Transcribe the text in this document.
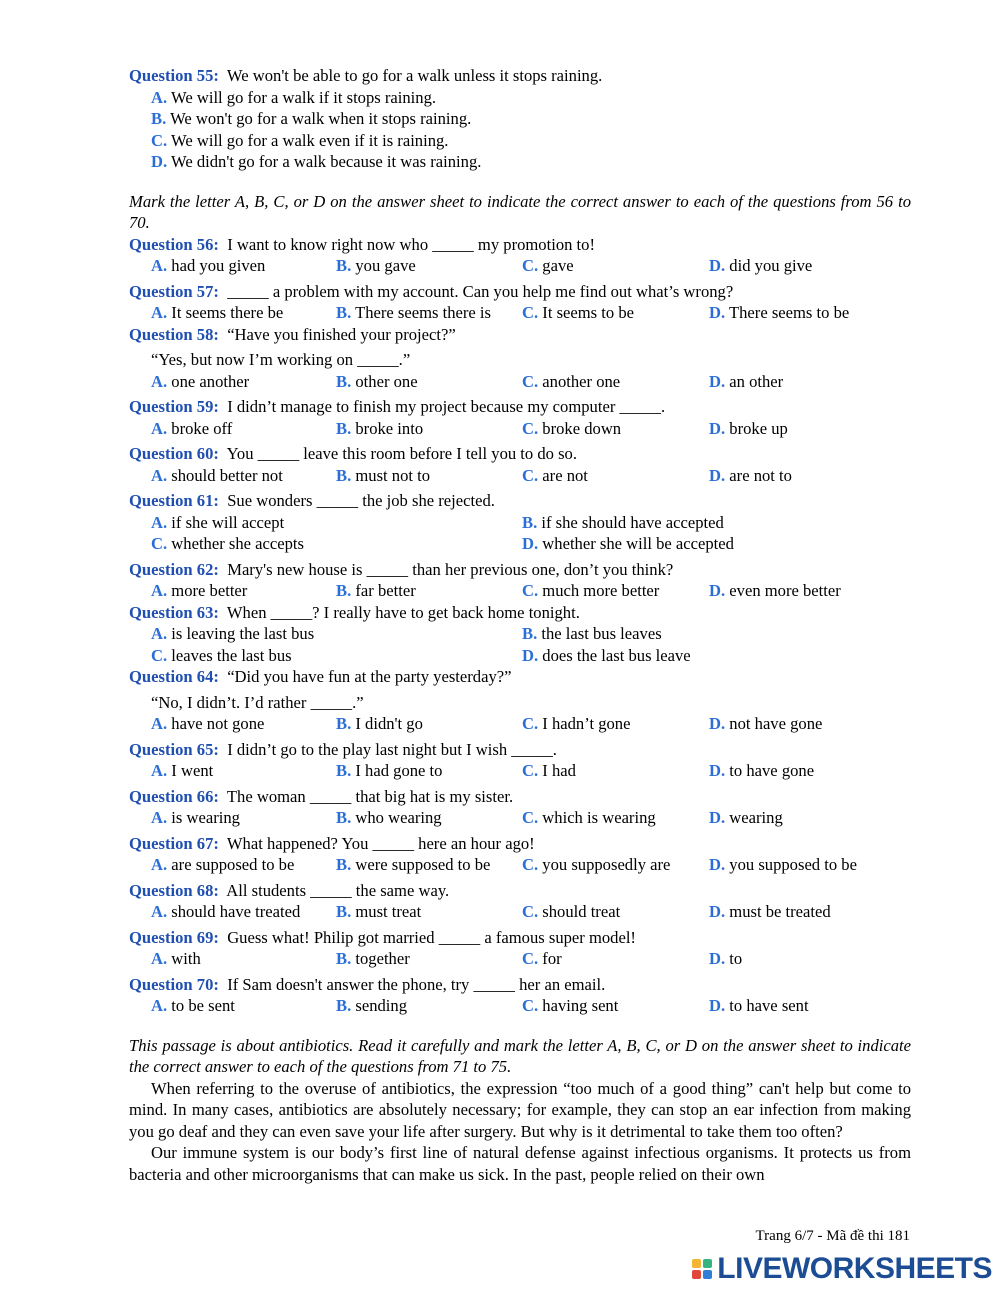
Question 55: We won't be able to go for a walk unless it stops raining.
A. We will go for a walk if it stops raining.
B. We won't go for a walk when it stops raining.
C. We will go for a walk even if it is raining.
D. We didn't go for a walk because it was raining.
Mark the letter A, B, C, or D on the answer sheet to indicate the correct answer to each of the questions from 56 to 70.
Question 56: I want to know right now who _____ my promotion to!
A. had you given	B. you gave	C. gave	D. did you give
Question 57: _____ a problem with my account. Can you help me find out what’s wrong?
A. It seems there be	B. There seems there is C. It seems to be	D. There seems to be
Question 58: “Have you finished your project?”
“Yes, but now I’m working on _____.”
A. one another	B. other one	C. another one	D. an other
Question 59: I didn’t manage to finish my project because my computer _____.
A. broke off	B. broke into	C. broke down	D. broke up
Question 60: You _____ leave this room before I tell you to do so.
A. should better not	B. must not to	C. are not	D. are not to
Question 61: Sue wonders _____ the job she rejected.
A. if she will accept	B. if she should have accepted
C. whether she accepts	D. whether she will be accepted
Question 62: Mary's new house is _____ than her previous one, don’t you think?
A. more better	B. far better	C. much more better	D. even more better
Question 63: When _____? I really have to get back home tonight.
A. is leaving the last bus	B. the last bus leaves
C. leaves the last bus	D. does the last bus leave
Question 64: “Did you have fun at the party yesterday?”
“No, I didn’t. I’d rather _____.”
A. have not gone	B. I didn't go	C. I hadn’t gone	D. not have gone
Question 65: I didn’t go to the play last night but I wish _____.
A. I went	B. I had gone to	C. I had	D. to have gone
Question 66: The woman _____ that big hat is my sister.
A. is wearing	B. who wearing	C. which is wearing	D. wearing
Question 67: What happened? You _____ here an hour ago!
A. are supposed to be	B. were supposed to be C. you supposedly are D. you supposed to be
Question 68: All students _____ the same way.
A. should have treated B. must treat	C. should treat	D. must be treated
Question 69: Guess what! Philip got married _____ a famous super model!
A. with	B. together	C. for	D. to
Question 70: If Sam doesn't answer the phone, try _____ her an email.
A. to be sent	B. sending	C. having sent	D. to have sent
This passage is about antibiotics. Read it carefully and mark the letter A, B, C, or D on the answer sheet to indicate the correct answer to each of the questions from 71 to 75.

When referring to the overuse of antibiotics, the expression “too much of a good thing” can't help but come to mind. In many cases, antibiotics are absolutely necessary; for example, they can stop an ear infection from making you go deaf and they can even save your life after surgery. But why is it detrimental to take them too often?

Our immune system is our body’s first line of natural defense against infectious organisms. It protects us from bacteria and other microorganisms that can make us sick. In the past, people relied on their own

Trang 6/7 - Mã đề thi 181
LIVEWORKSHEETS
